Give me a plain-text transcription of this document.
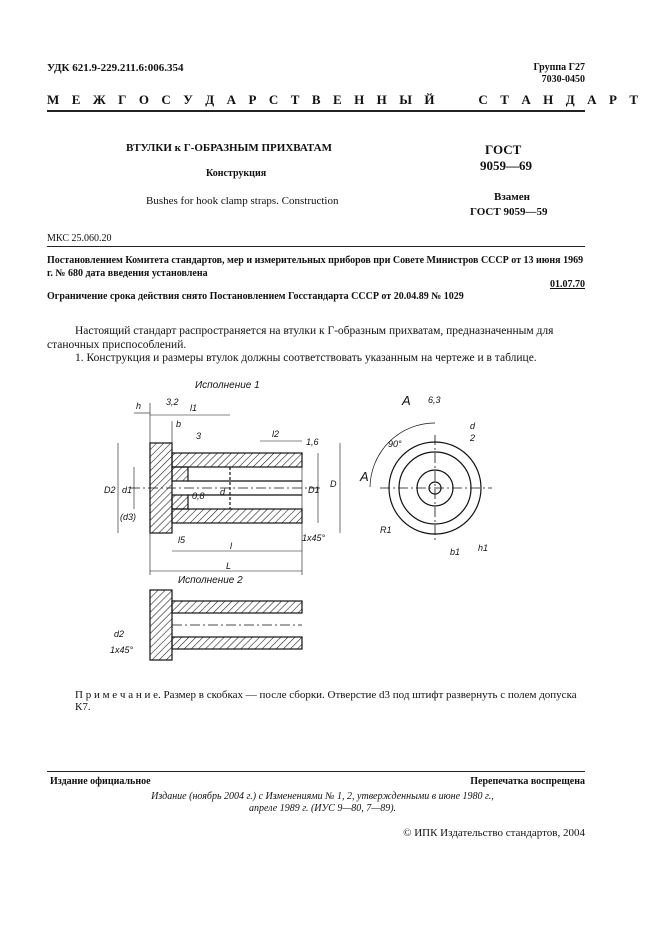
УДК 621.9-229.211.6:006.354	Группа Г27
7030-0450
М Е Ж Г О С У Д А Р С Т В Е Н Н Ы Й     С Т А Н Д А Р Т
ВТУЛКИ к Г-ОБРАЗНЫМ ПРИХВАТАМ
Конструкция
Bushes for hook clamp straps. Construction
ГОСТ
9059—69
Взамен
ГОСТ 9059—59
МКС 25.060.20
Постановлением Комитета стандартов, мер и измерительных приборов при Совете Министров СССР от 13 июня 1969 г. № 680 дата введения установлена
01.07.70
Ограничение срока действия снято Постановлением Госстандарта СССР от 20.04.89 № 1029
Настоящий стандарт распространяется на втулки к Г-образным прихватам, предназначенным для станочных приспособлений.
1. Конструкция и размеры втулок должны соответствовать указанным на чертеже и в таблице.
Исполнение 1
h	3,2
l1
b
3	l2
1,6
D2 d1
(d3)
0,8 d	D1
D
l5
l
L
1x45°
Исполнение 2
d2
1x45°
A 6,3
90°
d
2
A
R1
b1 h1
П р и м е ч а н и е. Размер в скобках — после сборки. Отверстие d3 под штифт развернуть с полем допуска К7.
Издание официальное	Перепечатка воспрещена
Издание (ноябрь 2004 г.) с Изменениями № 1, 2, утвержденными в июне 1980 г.,
апреле 1989 г. (ИУС 9—80, 7—89).
© ИПК Издательство стандартов, 2004
